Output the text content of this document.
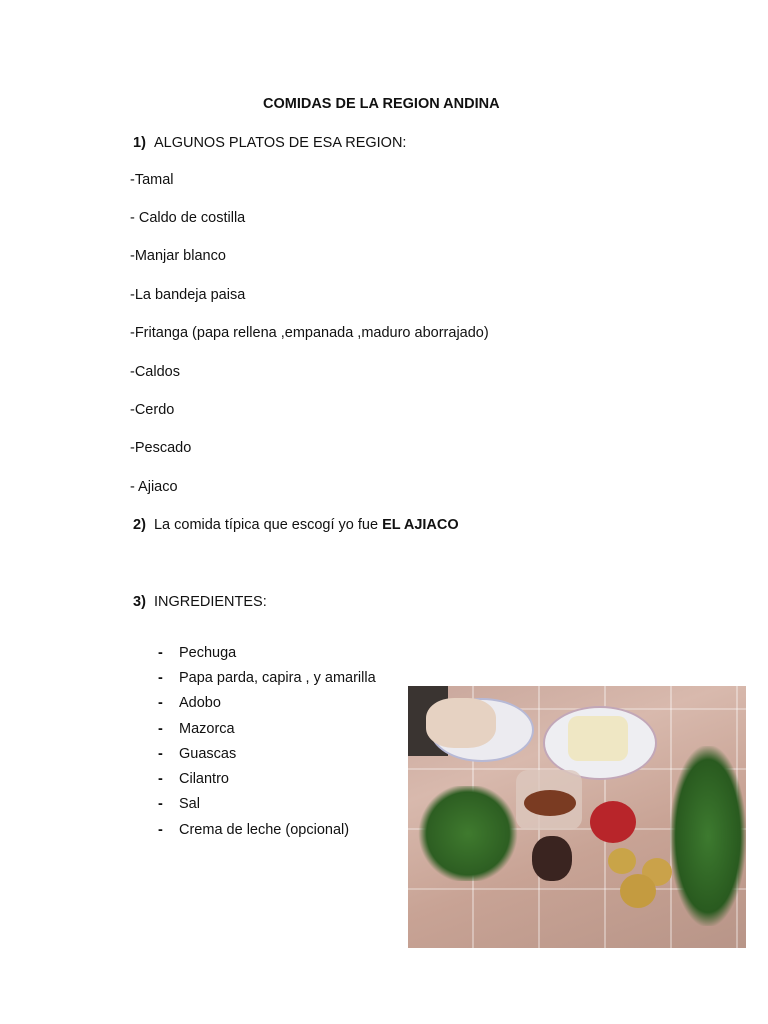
COMIDAS DE LA REGION ANDINA
1) ALGUNOS PLATOS DE ESA REGION:
-Tamal
- Caldo de costilla
-Manjar blanco
-La bandeja paisa
-Fritanga (papa rellena ,empanada ,maduro aborrajado)
-Caldos
-Cerdo
-Pescado
- Ajiaco
2) La comida típica que escogí yo fue EL AJIACO
3) INGREDIENTES:
- Pechuga
- Papa parda, capira , y amarilla
- Adobo
- Mazorca
- Guascas
- Cilantro
- Sal
- Crema de leche (opcional)
